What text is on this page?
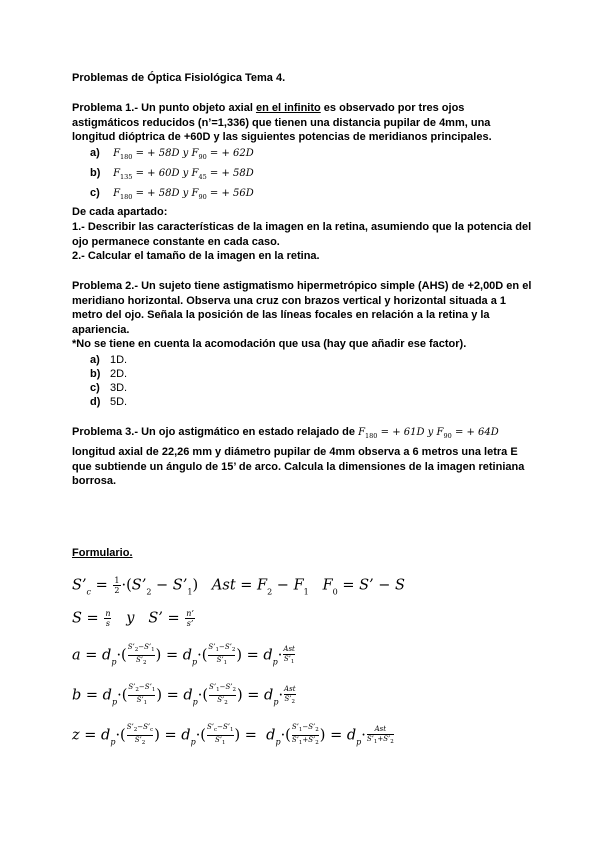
Problemas de Óptica Fisiológica Tema 4.
Problema 1.- Un punto objeto axial en el infinito es observado por tres ojos astigmáticos reducidos (n’=1,336) que tienen una distancia pupilar de 4mm, una longitud dióptrica de +60D y las siguientes potencias de meridianos principales.
a) $F_{180}$ = + 58D y $F_{90}$ = + 62D
b) $F_{135}$ = + 60D y $F_{45}$ = + 58D
c) $F_{180}$ = + 58D y $F_{90}$ = + 56D
De cada apartado:
1.- Describir las características de la imagen en la retina, asumiendo que la potencia del ojo permanece constante en cada caso.
2.- Calcular el tamaño de la imagen en la retina.
Problema 2.- Un sujeto tiene astigmatismo hipermetrópico simple (AHS) de +2,00D en el meridiano horizontal. Observa una cruz con brazos vertical y horizontal situada a 1 metro del ojo. Señala la posición de las líneas focales en relación a la retina y la apariencia.
*No se tiene en cuenta la acomodación que usa (hay que añadir ese factor).
a) 1D.
b) 2D.
c) 3D.
d) 5D.
Problema 3.- Un ojo astigmático en estado relajado de $F_{180}$ = + 61D y $F_{90}$ = + 64D
longitud axial de 22,26 mm y diámetro pupilar de 4mm observa a 6 metros una letra E que subtiende un ángulo de 15’ de arco. Calcula la dimensiones de la imagen retiniana borrosa.
Formulario.
$S’_c = \frac{1}{2}$ $\cdot(S’_2$ − $S’_1$)   Ast = $F_2 - F_1$ $F_0 = S$’ − S
$S = \frac{n}{s}$ y S’ = $\frac{n’}{s’}$
$a = d_p\cdot( \frac{S’_2-S’_1}{S’_2}$ ) = $d_p\cdot( \frac{S’_1-S’_2}{S’_1}$ ) = $d_p\cdot \frac{\text{Ast}}{S’_1}$
$b = d_p\cdot( \frac{S’_2-S’_1}{S’_1}$ ) = $d_p\cdot( \frac{S’_1-S’_2}{S’_2}$ ) = $d_p\cdot \frac{\text{Ast}}{S’_2}$
$z = d_p\cdot( \frac{S’_2-S’_c}{S’_2}$ ) = $d_p\cdot( \frac{S’_c-S’_1}{S’_1}$ ) =  $d_p\cdot( \frac{S’_1-S’_2}{S’_1+S’_2}$ ) = $d_p\cdot \frac{\text{Ast}}{S’_1+S’_2}$
